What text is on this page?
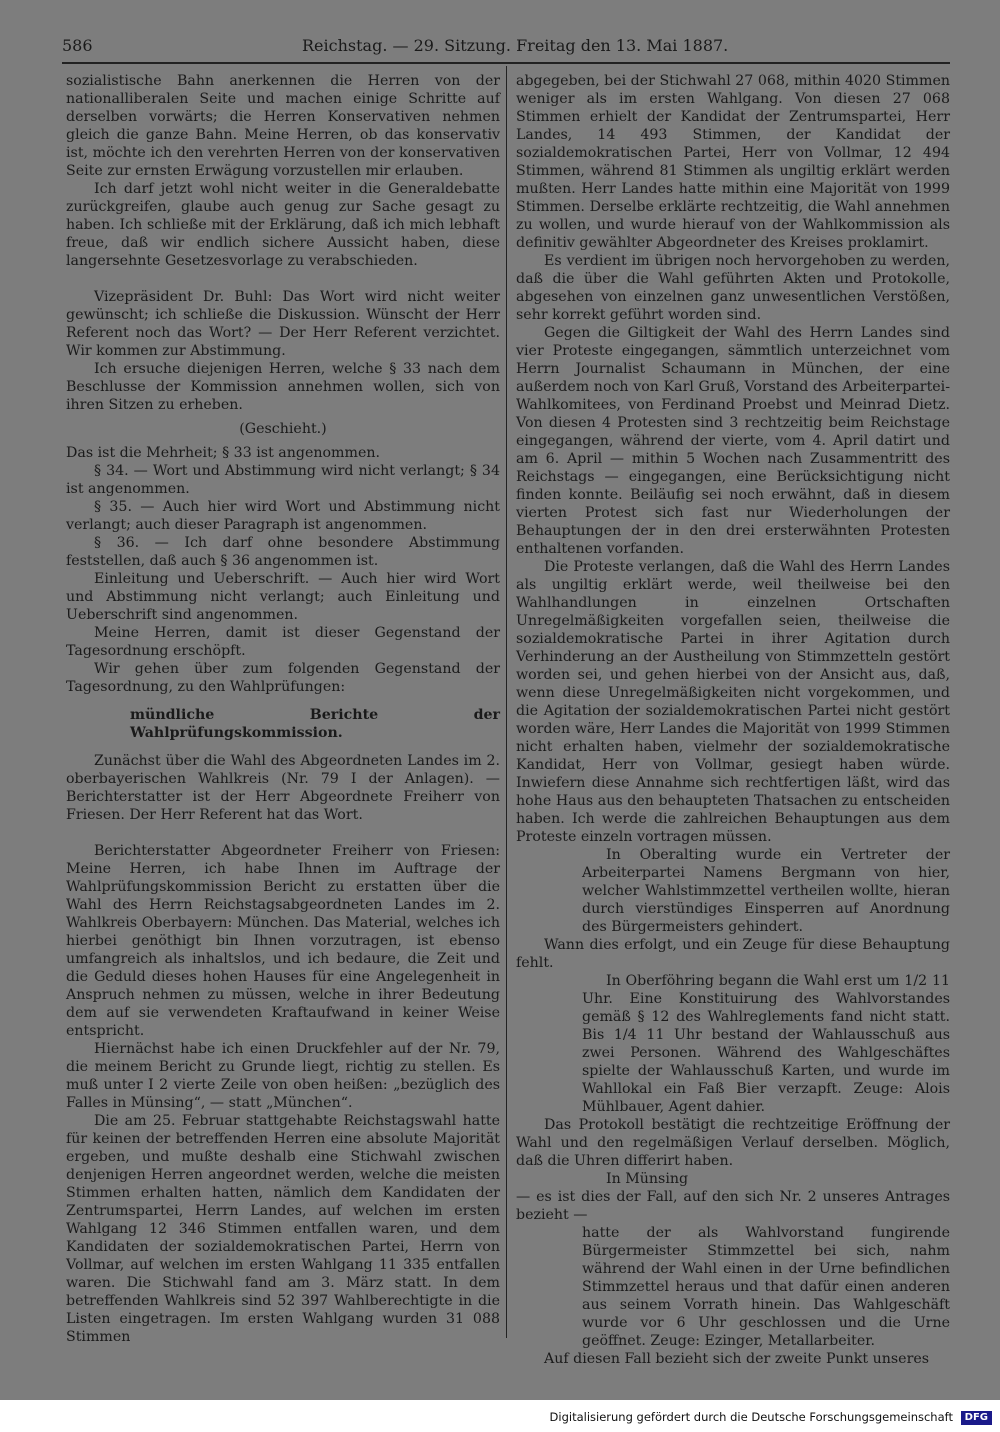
586	Reichstag. — 29. Sitzung. Freitag den 13. Mai 1887.

sozialistische Bahn anerkennen die Herren von der nationalliberalen Seite und machen einige Schritte auf derselben vorwärts; die Herren Konservativen nehmen gleich die ganze Bahn. Meine Herren, ob das konservativ ist, möchte ich den verehrten Herren von der konservativen Seite zur ernsten Erwägung vorzustellen mir erlauben.

Ich darf jetzt wohl nicht weiter in die Generaldebatte zurückgreifen, glaube auch genug zur Sache gesagt zu haben. Ich schließe mit der Erklärung, daß ich mich lebhaft freue, daß wir endlich sichere Aussicht haben, diese langersehnte Gesetzesvorlage zu verabschieden.

Vizepräsident Dr. Buhl: Das Wort wird nicht weiter gewünscht; ich schließe die Diskussion. Wünscht der Herr Referent noch das Wort? — Der Herr Referent verzichtet. Wir kommen zur Abstimmung.

Ich ersuche diejenigen Herren, welche § 33 nach dem Beschlusse der Kommission annehmen wollen, sich von ihren Sitzen zu erheben.

(Geschieht.)

Das ist die Mehrheit; § 33 ist angenommen.

§ 34. — Wort und Abstimmung wird nicht verlangt; § 34 ist angenommen.

§ 35. — Auch hier wird Wort und Abstimmung nicht verlangt; auch dieser Paragraph ist angenommen.

§ 36. — Ich darf ohne besondere Abstimmung feststellen, daß auch § 36 angenommen ist.

Einleitung und Ueberschrift. — Auch hier wird Wort und Abstimmung nicht verlangt; auch Einleitung und Ueberschrift sind angenommen.

Meine Herren, damit ist dieser Gegenstand der Tagesordnung erschöpft.

Wir gehen über zum folgenden Gegenstand der Tagesordnung, zu den Wahlprüfungen:

mündliche Berichte der Wahlprüfungskommission.

Zunächst über die Wahl des Abgeordneten Landes im 2. oberbayerischen Wahlkreis (Nr. 79 I der Anlagen). — Berichterstatter ist der Herr Abgeordnete Freiherr von Friesen. Der Herr Referent hat das Wort.

Berichterstatter Abgeordneter Freiherr von Friesen: Meine Herren, ich habe Ihnen im Auftrage der Wahlprüfungskommission Bericht zu erstatten über die Wahl des Herrn Reichstagsabgeordneten Landes im 2. Wahlkreis Oberbayern: München. Das Material, welches ich hierbei genöthigt bin Ihnen vorzutragen, ist ebenso umfangreich als inhaltslos, und ich bedaure, die Zeit und die Geduld dieses hohen Hauses für eine Angelegenheit in Anspruch nehmen zu müssen, welche in ihrer Bedeutung dem auf sie verwendeten Kraftaufwand in keiner Weise entspricht.

Hiernächst habe ich einen Druckfehler auf der Nr. 79, die meinem Bericht zu Grunde liegt, richtig zu stellen. Es muß unter I 2 vierte Zeile von oben heißen: „bezüglich des Falles in Münsing“, — statt „München“.

Die am 25. Februar stattgehabte Reichstagswahl hatte für keinen der betreffenden Herren eine absolute Majorität ergeben, und mußte deshalb eine Stichwahl zwischen denjenigen Herren angeordnet werden, welche die meisten Stimmen erhalten hatten, nämlich dem Kandidaten der Zentrumspartei, Herrn Landes, auf welchen im ersten Wahlgang 12 346 Stimmen entfallen waren, und dem Kandidaten der sozialdemokratischen Partei, Herrn von Vollmar, auf welchen im ersten Wahlgang 11 335 entfallen waren. Die Stichwahl fand am 3. März statt. In dem betreffenden Wahlkreis sind 52 397 Wahlberechtigte in die Listen eingetragen. Im ersten Wahlgang wurden 31 088 Stimmen

abgegeben, bei der Stichwahl 27 068, mithin 4020 Stimmen weniger als im ersten Wahlgang. Von diesen 27 068 Stimmen erhielt der Kandidat der Zentrumspartei, Herr Landes, 14 493 Stimmen, der Kandidat der sozialdemokratischen Partei, Herr von Vollmar, 12 494 Stimmen, während 81 Stimmen als ungiltig erklärt werden mußten. Herr Landes hatte mithin eine Majorität von 1999 Stimmen. Derselbe erklärte rechtzeitig, die Wahl annehmen zu wollen, und wurde hierauf von der Wahlkommission als definitiv gewählter Abgeordneter des Kreises proklamirt.

Es verdient im übrigen noch hervorgehoben zu werden, daß die über die Wahl geführten Akten und Protokolle, abgesehen von einzelnen ganz unwesentlichen Verstößen, sehr korrekt geführt worden sind.

Gegen die Giltigkeit der Wahl des Herrn Landes sind vier Proteste eingegangen, sämmtlich unterzeichnet vom Herrn Journalist Schaumann in München, der eine außerdem noch von Karl Gruß, Vorstand des Arbeiterpartei-Wahlkomitees, von Ferdinand Proebst und Meinrad Dietz. Von diesen 4 Protesten sind 3 rechtzeitig beim Reichstage eingegangen, während der vierte, vom 4. April datirt und am 6. April — mithin 5 Wochen nach Zusammentritt des Reichstags — eingegangen, eine Berücksichtigung nicht finden konnte. Beiläufig sei noch erwähnt, daß in diesem vierten Protest sich fast nur Wiederholungen der Behauptungen der in den drei ersterwähnten Protesten enthaltenen vorfanden.

Die Proteste verlangen, daß die Wahl des Herrn Landes als ungiltig erklärt werde, weil theilweise bei den Wahlhandlungen in einzelnen Ortschaften Unregelmäßigkeiten vorgefallen seien, theilweise die sozialdemokratische Partei in ihrer Agitation durch Verhinderung an der Austheilung von Stimmzetteln gestört worden sei, und gehen hierbei von der Ansicht aus, daß, wenn diese Unregelmäßigkeiten nicht vorgekommen, und die Agitation der sozialdemokratischen Partei nicht gestört worden wäre, Herr Landes die Majorität von 1999 Stimmen nicht erhalten haben, vielmehr der sozialdemokratische Kandidat, Herr von Vollmar, gesiegt haben würde. Inwiefern diese Annahme sich rechtfertigen läßt, wird das hohe Haus aus den behaupteten Thatsachen zu entscheiden haben. Ich werde die zahlreichen Behauptungen aus dem Proteste einzeln vortragen müssen.

In Oberalting wurde ein Vertreter der Arbeiterpartei Namens Bergmann von hier, welcher Wahlstimmzettel vertheilen wollte, hieran durch vierstündiges Einsperren auf Anordnung des Bürgermeisters gehindert.

Wann dies erfolgt, und ein Zeuge für diese Behauptung fehlt.

In Oberföhring begann die Wahl erst um 1/2 11 Uhr. Eine Konstituirung des Wahlvorstandes gemäß § 12 des Wahlreglements fand nicht statt. Bis 1/4 11 Uhr bestand der Wahlausschuß aus zwei Personen. Während des Wahlgeschäftes spielte der Wahlausschuß Karten, und wurde im Wahllokal ein Faß Bier verzapft. Zeuge: Alois Mühlbauer, Agent dahier.

Das Protokoll bestätigt die rechtzeitige Eröffnung der Wahl und den regelmäßigen Verlauf derselben. Möglich, daß die Uhren differirt haben.

In Münsing

— es ist dies der Fall, auf den sich Nr. 2 unseres Antrages bezieht —

hatte der als Wahlvorstand fungirende Bürgermeister Stimmzettel bei sich, nahm während der Wahl einen in der Urne befindlichen Stimmzettel heraus und that dafür einen anderen aus seinem Vorrath hinein. Das Wahlgeschäft wurde vor 6 Uhr geschlossen und die Urne geöffnet. Zeuge: Ezinger, Metallarbeiter.

Auf diesen Fall bezieht sich der zweite Punkt unseres

Digitalisierung gefördert durch die Deutsche Forschungsgemeinschaft DFG
